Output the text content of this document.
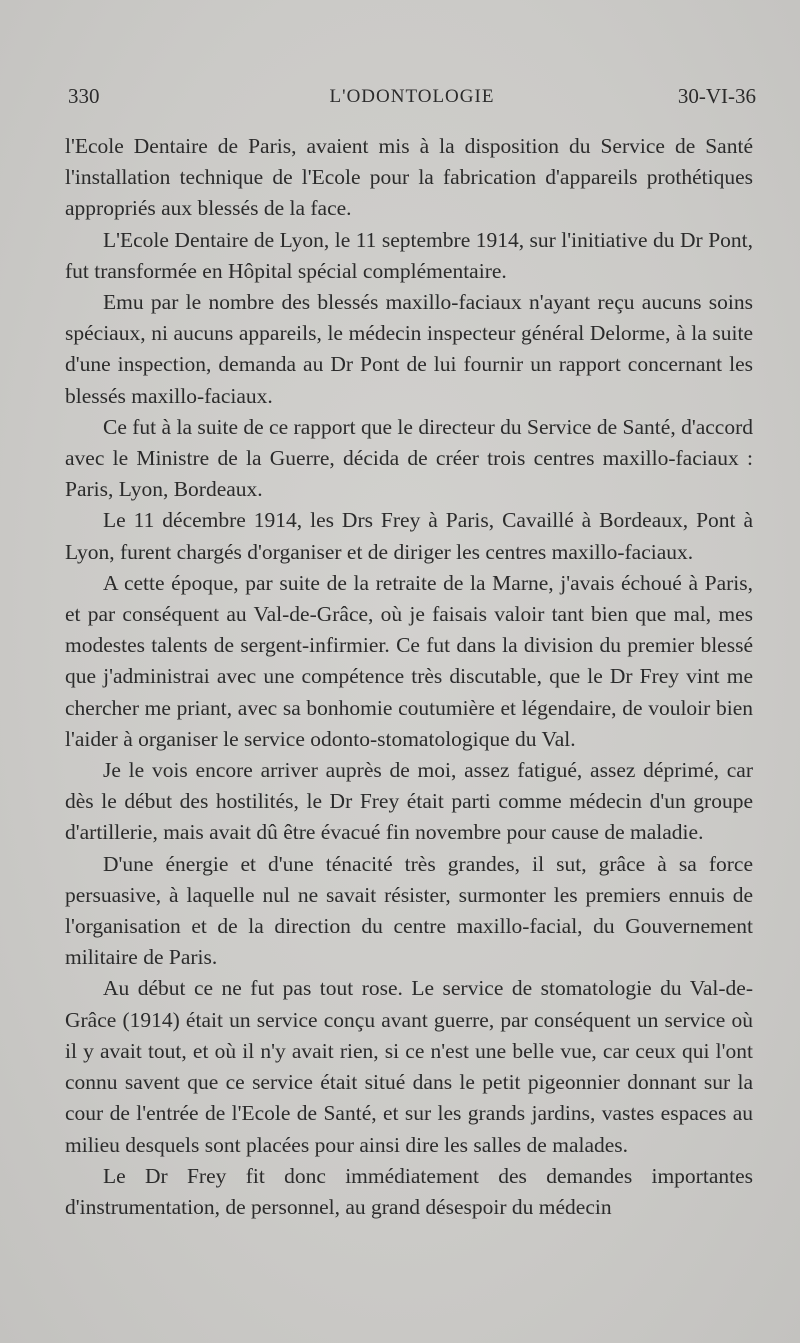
330	L'ODONTOLOGIE	30-VI-36

l'Ecole Dentaire de Paris, avaient mis à la disposition du Service de Santé l'installation technique de l'Ecole pour la fabrication d'appareils prothétiques appropriés aux blessés de la face.

L'Ecole Dentaire de Lyon, le 11 septembre 1914, sur l'initiative du Dr Pont, fut transformée en Hôpital spécial complémentaire.

Emu par le nombre des blessés maxillo-faciaux n'ayant reçu aucuns soins spéciaux, ni aucuns appareils, le médecin inspecteur général Delorme, à la suite d'une inspection, demanda au Dr Pont de lui fournir un rapport concernant les blessés maxillo-faciaux.

Ce fut à la suite de ce rapport que le directeur du Service de Santé, d'accord avec le Ministre de la Guerre, décida de créer trois centres maxillo-faciaux : Paris, Lyon, Bordeaux.

Le 11 décembre 1914, les Drs Frey à Paris, Cavaillé à Bordeaux, Pont à Lyon, furent chargés d'organiser et de diriger les centres maxillo-faciaux.

A cette époque, par suite de la retraite de la Marne, j'avais échoué à Paris, et par conséquent au Val-de-Grâce, où je faisais valoir tant bien que mal, mes modestes talents de sergent-infirmier. Ce fut dans la division du premier blessé que j'administrai avec une compétence très discutable, que le Dr Frey vint me chercher me priant, avec sa bonhomie coutumière et légendaire, de vouloir bien l'aider à organiser le service odonto-stomatologique du Val.

Je le vois encore arriver auprès de moi, assez fatigué, assez déprimé, car dès le début des hostilités, le Dr Frey était parti comme médecin d'un groupe d'artillerie, mais avait dû être évacué fin novembre pour cause de maladie.

D'une énergie et d'une ténacité très grandes, il sut, grâce à sa force persuasive, à laquelle nul ne savait résister, surmonter les premiers ennuis de l'organisation et de la direction du centre maxillo-facial, du Gouvernement militaire de Paris.

Au début ce ne fut pas tout rose. Le service de stomatologie du Val-de-Grâce (1914) était un service conçu avant guerre, par conséquent un service où il y avait tout, et où il n'y avait rien, si ce n'est une belle vue, car ceux qui l'ont connu savent que ce service était situé dans le petit pigeonnier donnant sur la cour de l'entrée de l'Ecole de Santé, et sur les grands jardins, vastes espaces au milieu desquels sont placées pour ainsi dire les salles de malades.

Le Dr Frey fit donc immédiatement des demandes importantes d'instrumentation, de personnel, au grand désespoir du médecin
